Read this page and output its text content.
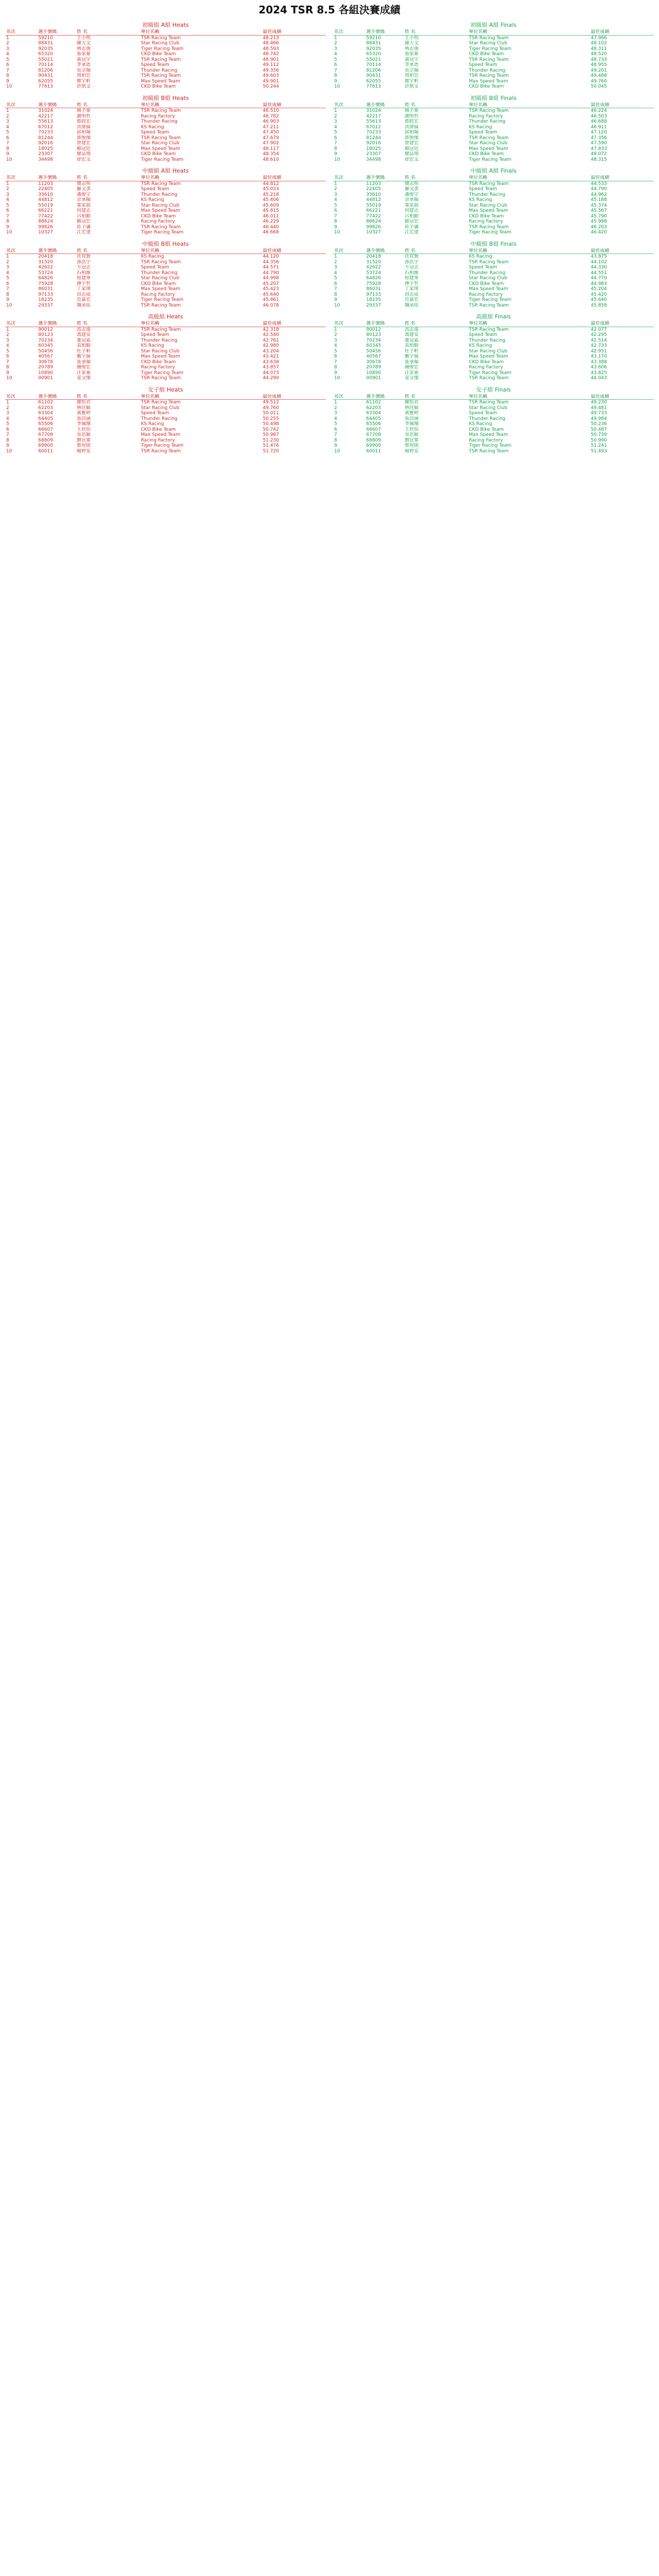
2024 TSR 8.5 各組決賽成績
初級組 A組 Heats
名次	選手號碼	姓 名	單位名稱	最佳成績
1	59210	王小明	TSR Racing Team	48.213
2	88431	陳大文	Star Racing Club	48.466
3	92035	林志強	Tiger Racing Team	48.593
4	65320	張家豪	CKD Bike Team	48.742
5	55021	黃冠宇	TSR Racing Team	48.901
6	70114	李承恩	Speed Team	49.112
7	81206	吳宗翰	Thunder Racing	49.356
8	90431	周柏宏	TSR Racing Team	49.603
9	62055	鄭宇軒	Max Speed Team	49.901
10	77613	許凱文	CKD Bike Team	50.244
初級組 A組 Finals
名次	選手號碼	姓 名	單位名稱	最佳成績
1	59210	王小明	TSR Racing Team	47.966
2	88431	陳大文	Star Racing Club	48.102
3	92035	林志強	Tiger Racing Team	48.311
4	65320	張家豪	CKD Bike Team	48.520
5	55021	黃冠宇	TSR Racing Team	48.733
6	70114	李承恩	Speed Team	48.955
7	81206	吳宗翰	Thunder Racing	49.201
8	90431	周柏宏	TSR Racing Team	49.488
9	62055	鄭宇軒	Max Speed Team	49.760
10	77613	許凱文	CKD Bike Team	50.045
初級組 B組 Heats
名次	選手號碼	姓 名	單位名稱	最佳成績
1	31024	楊子豪	TSR Racing Team	46.510
2	42217	謝明哲	Racing Factory	46.782
3	55613	蔡政宏	Thunder Racing	46.903
4	67012	洪偉倫	KS Racing	47.211
5	70233	邱柏翰	Speed Team	47.450
6	81244	郭俊傑	TSR Racing Team	47.679
7	92016	曾建宏	Star Racing Club	47.902
8	18025	賴冠廷	Max Speed Team	48.117
9	23307	廖品翔	CKD Bike Team	48.354
10	34498	徐宏文	Tiger Racing Team	48.610
初級組 B組 Finals
名次	選手號碼	姓 名	單位名稱	最佳成績
1	31024	楊子豪	TSR Racing Team	46.224
2	42217	謝明哲	Racing Factory	46.503
3	55613	蔡政宏	Thunder Racing	46.688
4	67012	洪偉倫	KS Racing	46.911
5	70233	邱柏翰	Speed Team	47.120
6	81244	郭俊傑	TSR Racing Team	47.356
7	92016	曾建宏	Star Racing Club	47.590
8	18025	賴冠廷	Max Speed Team	47.833
9	23307	廖品翔	CKD Bike Team	48.072
10	34498	徐宏文	Tiger Racing Team	48.315
中級組 A組 Heats
名次	選手號碼	姓 名	單位名稱	最佳成績
1	11203	簡志明	TSR Racing Team	44.812
2	22405	羅文彥	Speed Team	45.033
3	33610	潘俊宇	Thunder Racing	45.218
4	44812	余承翰	KS Racing	45.406
5	55019	葉家銘	Star Racing Club	45.609
6	66221	何建志	Max Speed Team	45.815
7	77422	呂柏勳	CKD Bike Team	46.011
8	88624	蘇冠宏	Racing Factory	46.229
9	99826	莊子謙	TSR Racing Team	46.440
10	10327	江宏達	Tiger Racing Team	46.668
中級組 A組 Finals
名次	選手號碼	姓 名	單位名稱	最佳成績
1	11203	簡志明	TSR Racing Team	44.533
2	22405	羅文彥	Speed Team	44.790
3	33610	潘俊宇	Thunder Racing	44.962
4	44812	余承翰	KS Racing	45.188
5	55019	葉家銘	Star Racing Club	45.374
6	66221	何建志	Max Speed Team	45.567
7	77422	呂柏勳	CKD Bike Team	45.790
8	88624	蘇冠宏	Racing Factory	45.998
9	99826	莊子謙	TSR Racing Team	46.203
10	10327	江宏達	Tiger Racing Team	46.420
中級組 B組 Heats
名次	選手號碼	姓 名	單位名稱	最佳成績
1	20418	沈育賢	KS Racing	44.120
2	31520	孫浩宇	TSR Racing Team	44.356
3	42622	方冠志	Speed Team	44.571
4	53724	石柏維	Thunder Racing	44.790
5	64826	程建華	Star Racing Club	44.998
6	75928	傅宇哲	CKD Bike Team	45.207
7	86031	丁家瑋	Max Speed Team	45.423
8	97133	田志成	Racing Factory	45.640
9	18235	范嘉宏	Tiger Racing Team	45.861
10	29337	魏承佑	TSR Racing Team	46.078
中級組 B組 Finals
名次	選手號碼	姓 名	單位名稱	最佳成績
1	20418	沈育賢	KS Racing	43.875
2	31520	孫浩宇	TSR Racing Team	44.102
3	42622	方冠志	Speed Team	44.330
4	53724	石柏維	Thunder Racing	44.551
5	64826	程建華	Star Racing Club	44.770
6	75928	傅宇哲	CKD Bike Team	44.983
7	86031	丁家瑋	Max Speed Team	45.204
8	97133	田志成	Racing Factory	45.420
9	18235	范嘉宏	Tiger Racing Team	45.640
10	29337	魏承佑	TSR Racing Team	45.858
高級組 Heats
名次	選手號碼	姓 名	單位名稱	最佳成績
1	90012	高志遠	TSR Racing Team	42.318
2	80123	馮建安	Speed Team	42.540
3	70234	董冠霖	Thunder Racing	42.761
4	60345	袁柏勳	KS Racing	42.980
5	50456	杜子軒	Star Racing Club	43.204
6	40567	戴宇倫	Max Speed Team	43.421
7	30678	夏承翰	CKD Bike Team	43.638
8	20789	鍾俊宏	Racing Factory	43.857
9	10890	汪家豪	Tiger Racing Team	44.073
10	00901	姜文傑	TSR Racing Team	44.290
高級組 Finals
名次	選手號碼	姓 名	單位名稱	最佳成績
1	90012	高志遠	TSR Racing Team	42.077
2	80123	馮建安	Speed Team	42.295
3	70234	董冠霖	Thunder Racing	42.514
4	60345	袁柏勳	KS Racing	42.733
5	50456	杜子軒	Star Racing Club	42.951
6	40567	戴宇倫	Max Speed Team	43.170
7	30678	夏承翰	CKD Bike Team	43.388
8	20789	鍾俊宏	Racing Factory	43.606
9	10890	汪家豪	Tiger Racing Team	43.825
10	00901	姜文傑	TSR Racing Team	44.043
女子組 Heats
名次	選手號碼	姓 名	單位名稱	最佳成績
1	61102	陳怡君	TSR Racing Team	49.512
2	62203	林佳穎	Star Racing Club	49.760
3	63304	黃雅婷	Speed Team	50.011
4	64405	張詩涵	Thunder Racing	50.255
5	65506	李佩珊	KS Racing	50.498
6	66607	王欣怡	CKD Bike Team	50.742
7	67708	吳思穎	Max Speed Team	50.987
8	68809	劉宜蓁	Racing Factory	51.230
9	69900	蔡宛儒	Tiger Racing Team	51.476
10	60011	楊婷安	TSR Racing Team	51.720
女子組 Finals
名次	選手號碼	姓 名	單位名稱	最佳成績
1	61102	陳怡君	TSR Racing Team	49.230
2	62203	林佳穎	Star Racing Club	49.481
3	63304	黃雅婷	Speed Team	49.733
4	64405	張詩涵	Thunder Racing	49.984
5	65506	李佩珊	KS Racing	50.236
6	66607	王欣怡	CKD Bike Team	50.487
7	67708	吳思穎	Max Speed Team	50.739
8	68809	劉宜蓁	Racing Factory	50.990
9	69900	蔡宛儒	Tiger Racing Team	51.241
10	60011	楊婷安	TSR Racing Team	51.493
